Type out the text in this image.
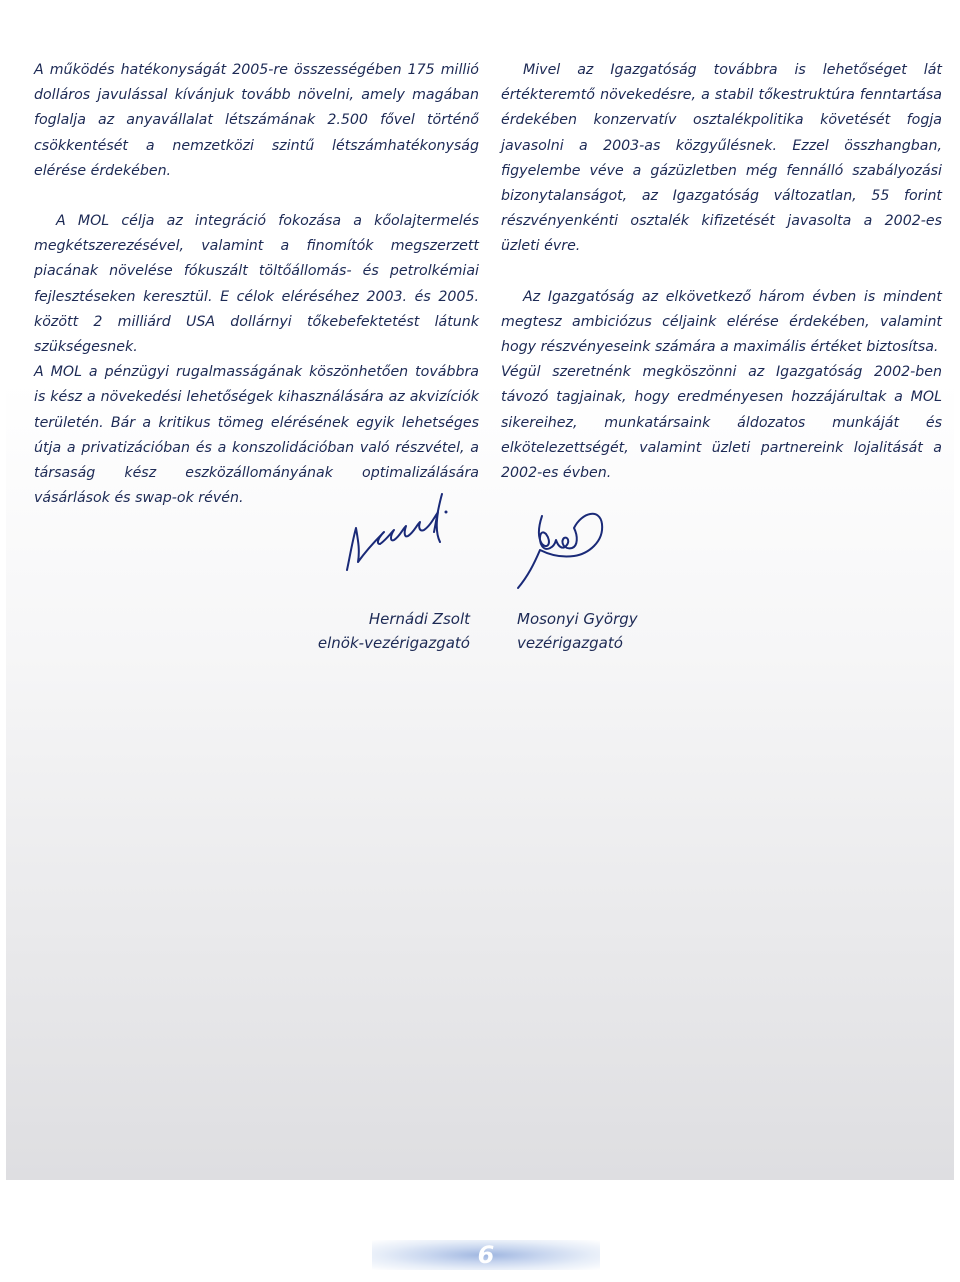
A működés hatékonyságát 2005-re összességében 175 millió dolláros javulással kívánjuk tovább növelni, amely magában foglalja az anyavállalat létszámának 2.500 fővel történő csökkentését a nemzetközi szintű létszámhatékonyság elérése érdekében.

A MOL célja az integráció fokozása a kőolajtermelés megkétszerezésével, valamint a finomítók megszerzett piacának növelése fókuszált töltőállomás- és petrolkémiai fejlesztéseken keresztül. E célok eléréséhez 2003. és 2005. között 2 milliárd USA dollárnyi tőkebefektetést látunk szükségesnek.

A MOL a pénzügyi rugalmasságának köszönhetően továbbra is kész a növekedési lehetőségek kihasználására az akvizíciók területén. Bár a kritikus tömeg elérésének egyik lehetséges útja a privatizációban és a konszolidációban való részvétel, a társaság kész eszközállományának optimalizálására vásárlások és swap-ok révén.

Mivel az Igazgatóság továbbra is lehetőséget lát értékteremtő növekedésre, a stabil tőkestruktúra fenntartása érdekében konzervatív osztalékpolitika követését fogja javasolni a 2003-as közgyűlésnek. Ezzel összhangban, figyelembe véve a gázüzletben még fennálló szabályozási bizonytalanságot, az Igazgatóság változatlan, 55 forint részvényenkénti osztalék kifizetését javasolta a 2002-es üzleti évre.

Az Igazgatóság az elkövetkező három évben is mindent megtesz ambiciózus céljaink elérése érdekében, valamint hogy részvényeseink számára a maximális értéket biztosítsa.

Végül szeretnénk megköszönni az Igazgatóság 2002-ben távozó tagjainak, hogy eredményesen hozzájárultak a MOL sikereihez, munkatársaink áldozatos munkáját és elkötelezettségét, valamint üzleti partnereink lojalitását a 2002-es évben.

Hernádi Zsolt
elnök-vezérigazgató
Mosonyi György
vezérigazgató
6
